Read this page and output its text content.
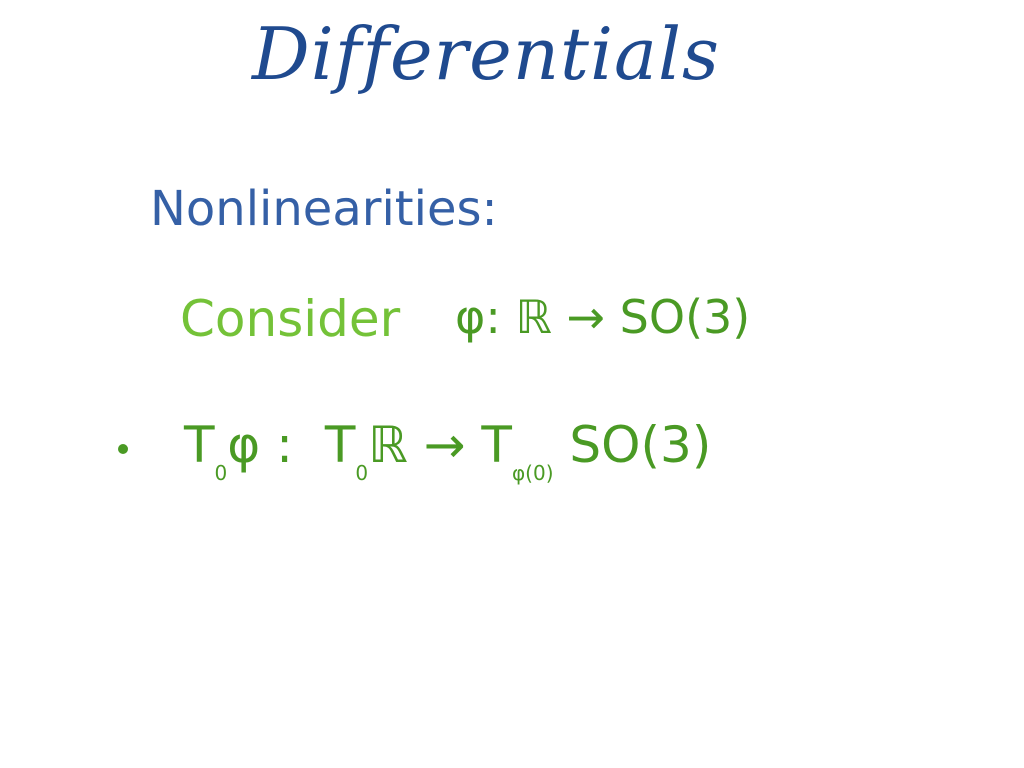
Differentials
Nonlinearities:
Consider φ: ℝ → SO(3)
$T_0\varphi$ : $T_0ℝ \to T_{\varphi(0)}$ SO(3)
